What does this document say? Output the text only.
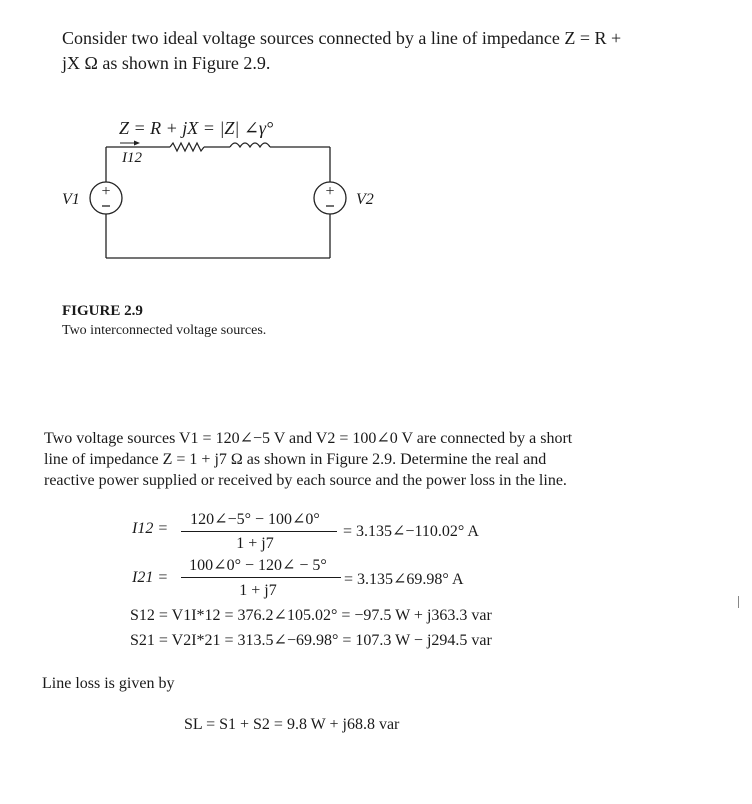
Consider two ideal voltage sources connected by a line of impedance Z = R +
jX Ω as shown in Figure 2.9.
+	+
Z = R + jX = |Z| ∠γ°
I12
V1	V2
FIGURE 2.9
Two interconnected voltage sources.
Two voltage sources V1 = 120∠−5 V and V2 = 100∠0 V are connected by a short
line of impedance Z = 1 + j7 Ω as shown in Figure 2.9. Determine the real and
reactive power supplied or received by each source and the power loss in the line.
I12 =
120∠−5° − 100∠0°
1 + j7
= 3.135∠−110.02° A
I21 =
100∠0° − 120∠ − 5°
1 + j7
= 3.135∠69.98° A
S12 = V1I*12 = 376.2∠105.02° = −97.5 W + j363.3 var
S21 = V2I*21 = 313.5∠−69.98° = 107.3 W − j294.5 var
Line loss is given by
SL = S1 + S2 = 9.8 W + j68.8 var
